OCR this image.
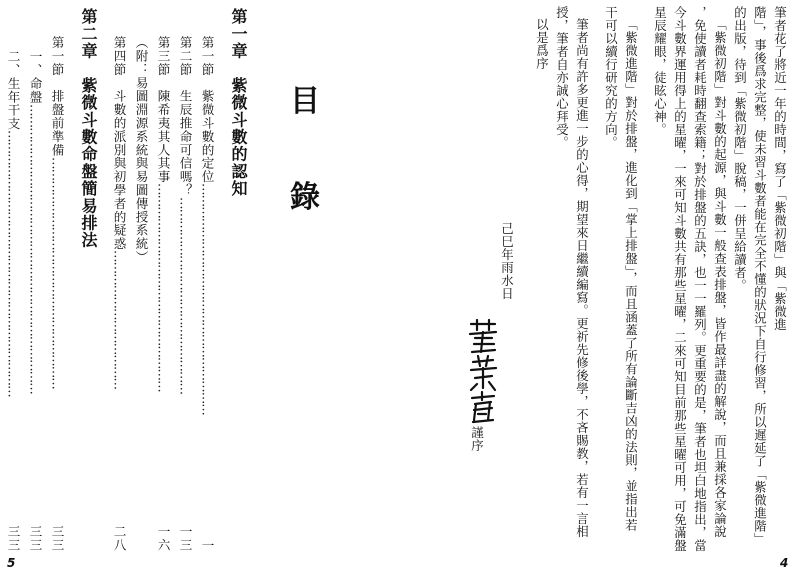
第一章　紫微斗數的認知
第一節　紫微斗數的定位
……………………………………………………
一
第二節　生辰推命可信嗎？
……………………………………………
一三
第三節　陳希夷其人其事
………………………………………………
一六
（附：易圖淵源系統與易圖傳授系統）
第四節　斗數的派別與初學者的疑惑
………………………………
二八
第二章　紫微斗數命盤簡易排法
第一節　排盤前準備
……………………………………………………
三三
一、命盤
…………………………………………………………………
三三
二、生年干支
……………………………………………………………
三三
目
錄
5
筆者花了將近一年的時間，寫了「紫微初階」與「紫微進
階」，事後爲求完整，使未習斗數者能在完全不懂的狀況下自行修習，所以遲延了「紫微進階」
的出版，待到「紫微初階」脫稿，一併呈給讀者。
「紫微初階」對斗數的起源，與斗數一般查表排盤，皆作最詳盡的解說，而且兼採各家論說
，免使讀者耗時翻查索籍；對於排盤的五訣，也一一羅列。更重要的是，筆者也坦白地指出，當
今斗數界運用得上的星曜，一來可知斗數共有那些星曜，二來可知目前那些星曜可用，可免滿盤
星辰耀眼，徒眩心神。
「紫微進階」對於排盤，進化到「掌上排盤」，而且涵蓋了所有論斷吉凶的法則，並指出若
干可以續行研究的方向。
筆者尚有許多更進一步的心得，期望來日繼續編寫。更祈先修後學，不吝賜教，若有一言相
授，筆者自亦誠心拜受。
以是爲序
己巳年雨水日
謹序
4
